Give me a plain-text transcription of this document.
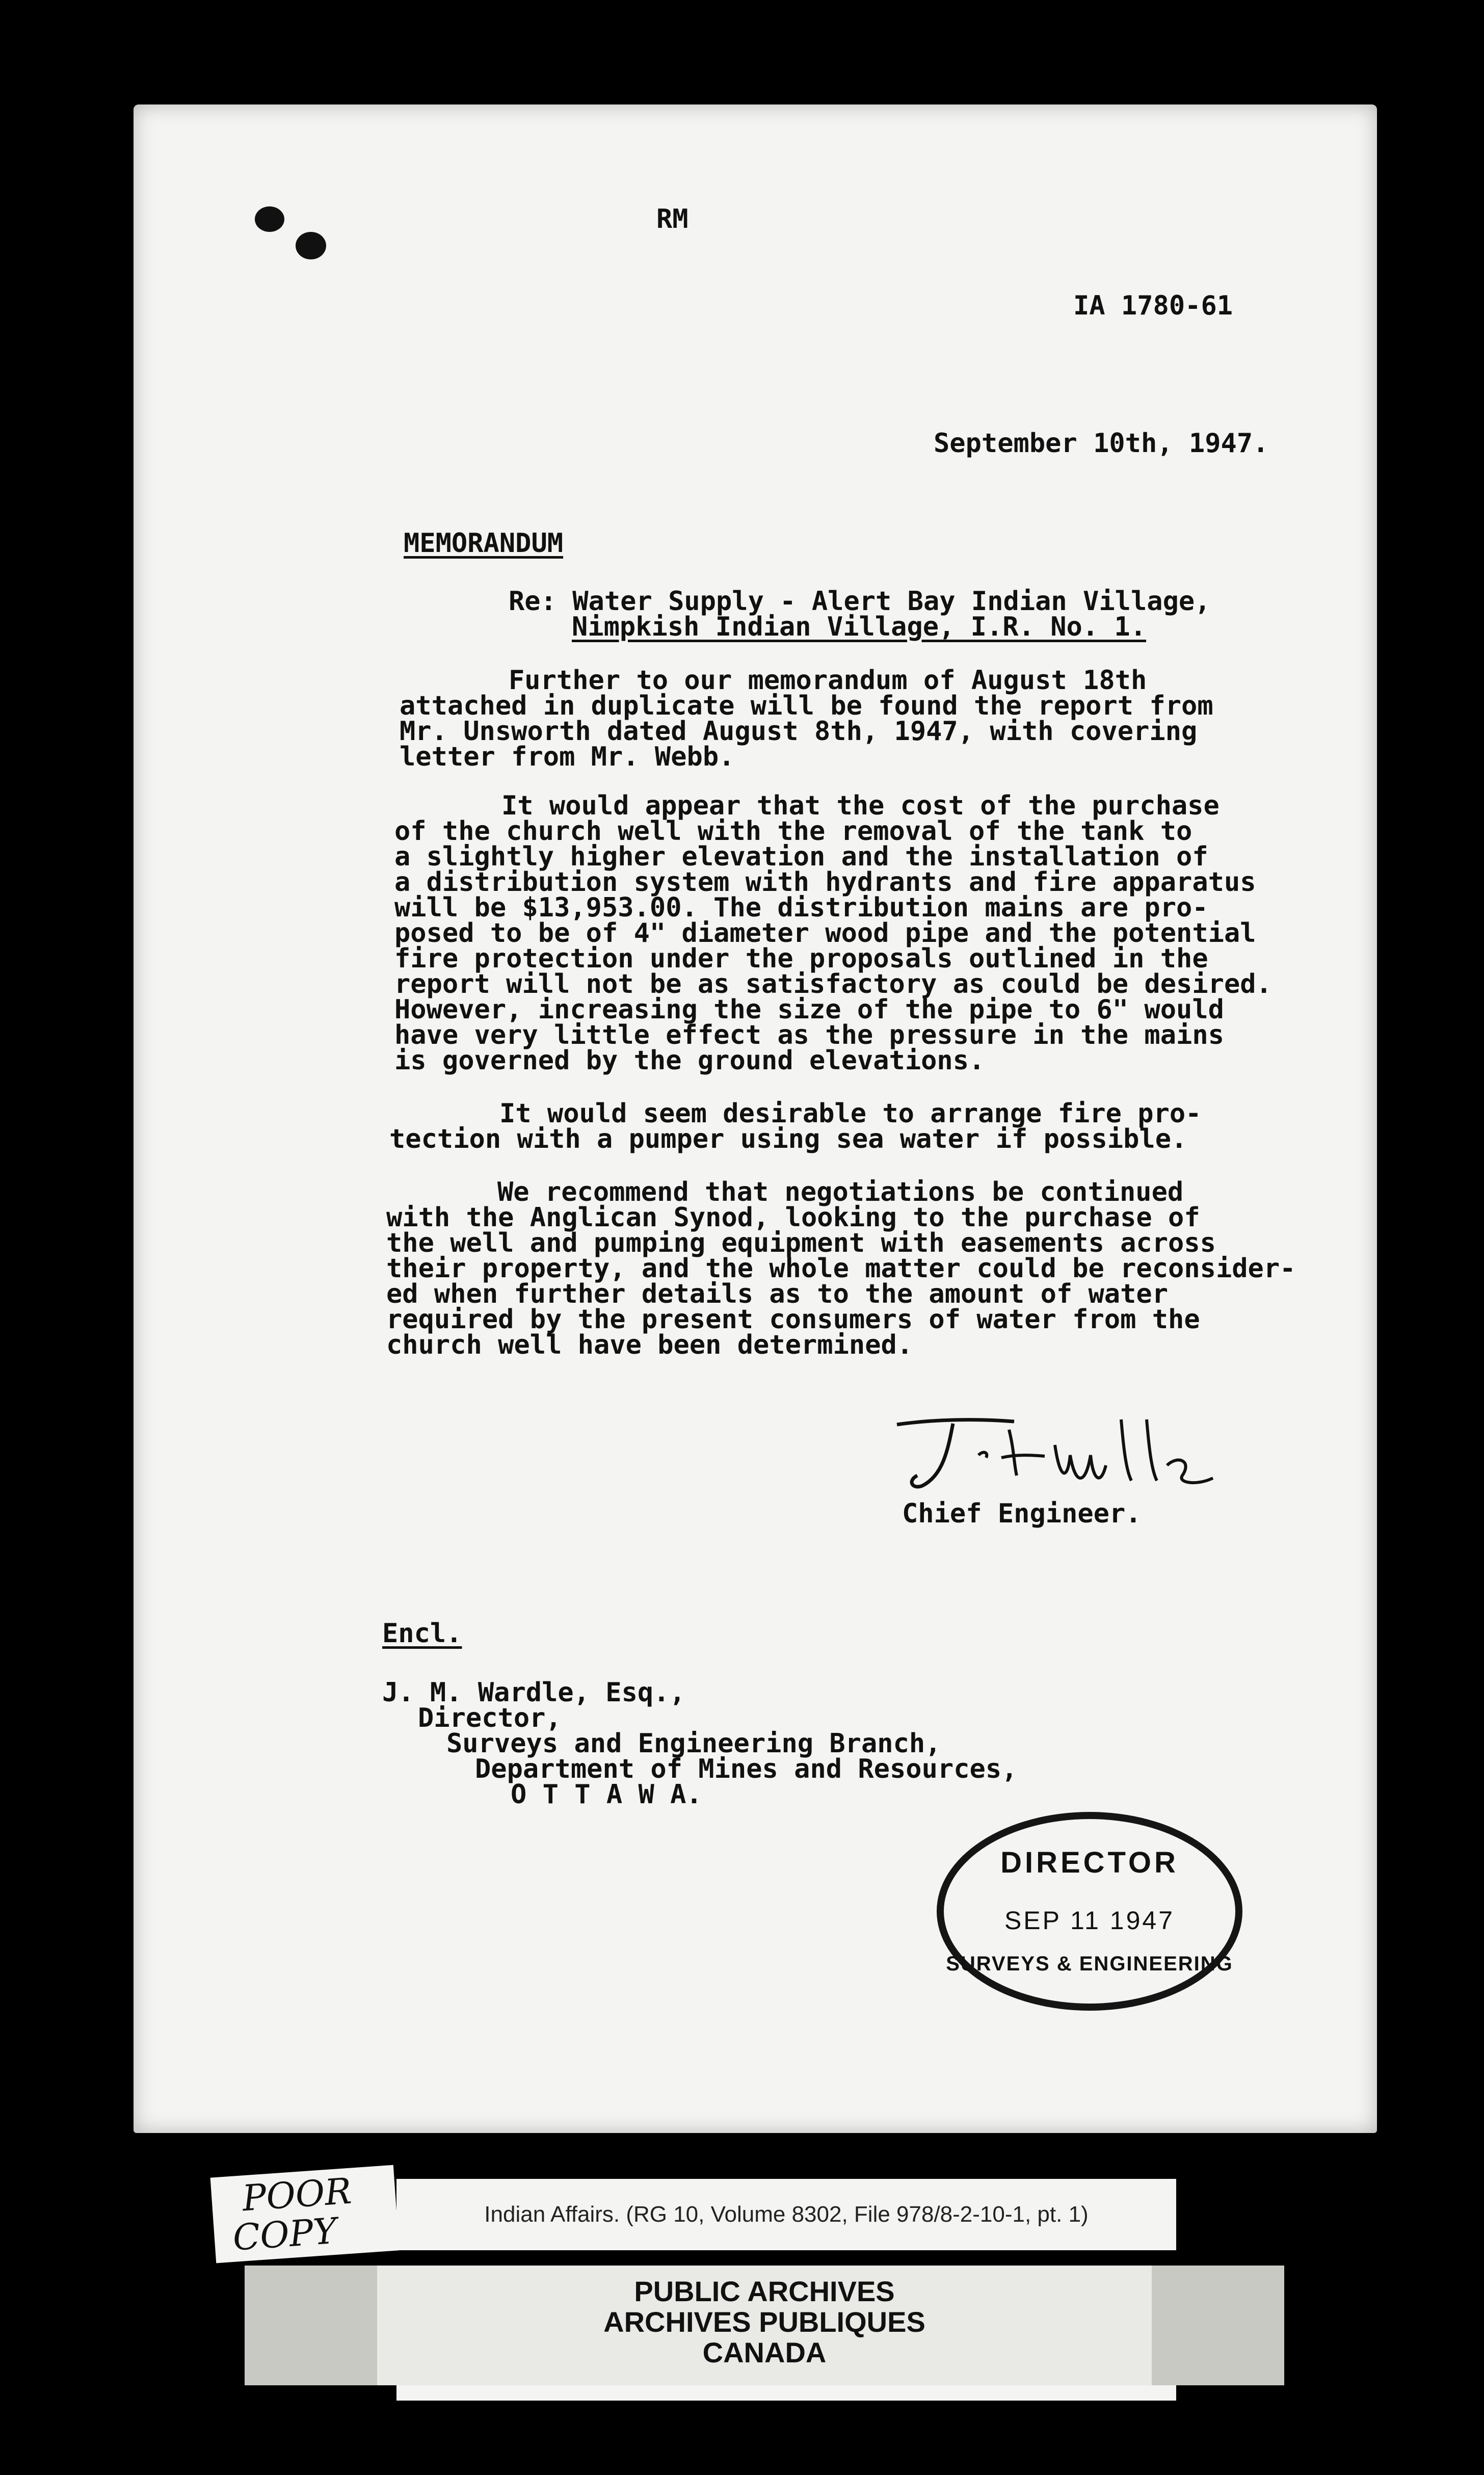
RM
IA 1780-61
September 10th, 1947.
MEMORANDUM
Re: Water Supply - Alert Bay Indian Village,
Nimpkish Indian Village, I.R. No. 1.
Further to our memorandum of August 18th
attached in duplicate will be found the report from
Mr. Unsworth dated August 8th, 1947, with covering
letter from Mr. Webb.
It would appear that the cost of the purchase
of the church well with the removal of the tank to
a slightly higher elevation and the installation of
a distribution system with hydrants and fire apparatus
will be $13,953.00. The distribution mains are pro-
posed to be of 4" diameter wood pipe and the potential
fire protection under the proposals outlined in the
report will not be as satisfactory as could be desired.
However, increasing the size of the pipe to 6" would
have very little effect as the pressure in the mains
is governed by the ground elevations.
It would seem desirable to arrange fire pro-
tection with a pumper using sea water if possible.
We recommend that negotiations be continued
with the Anglican Synod, looking to the purchase of
the well and pumping equipment with easements across
their property, and the whole matter could be reconsider-
ed when further details as to the amount of water
required by the present consumers of water from the
church well have been determined.
Chief Engineer.
Encl.
J. M. Wardle, Esq.,
Director,
Surveys and Engineering Branch,
Department of Mines and Resources,
O T T A W A.
DIRECTOR
SEP 11 1947
SURVEYS & ENGINEERING
POOR
COPY	Indian Affairs. (RG 10, Volume 8302, File 978/8-2-10-1, pt. 1)
PUBLIC ARCHIVES
ARCHIVES PUBLIQUES
CANADA
